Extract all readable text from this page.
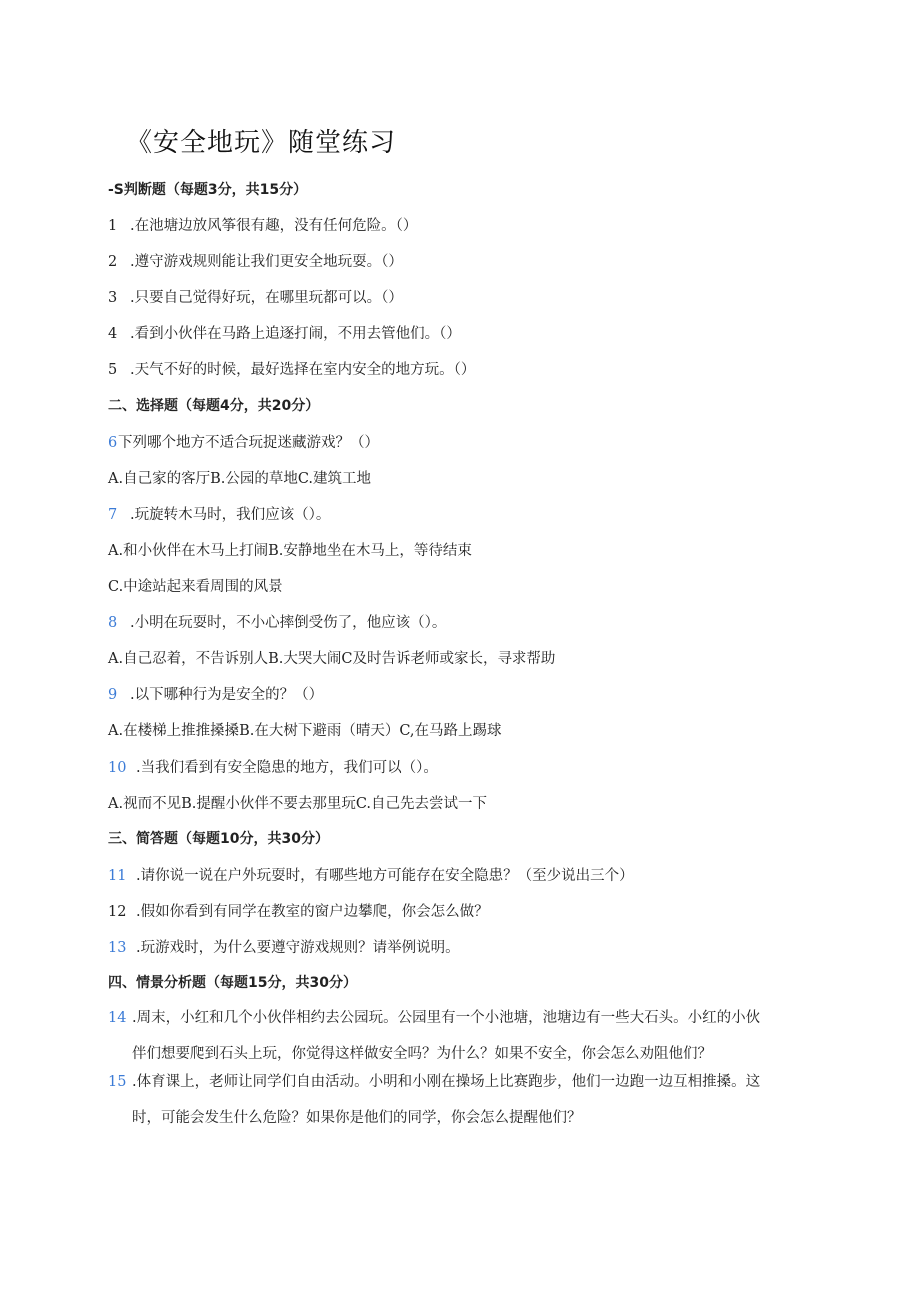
《安全地玩》随堂练习
-S判断题（每题3分，共15分）
1 .在池塘边放风筝很有趣，没有任何危险。（）
2 .遵守游戏规则能让我们更安全地玩耍。（）
3 .只要自己觉得好玩，在哪里玩都可以。（）
4 .看到小伙伴在马路上追逐打闹，不用去管他们。（）
5 .天气不好的时候，最好选择在室内安全的地方玩。（）
二、选择题（每题4分，共20分）
6下列哪个地方不适合玩捉迷藏游戏？（）
A.自己家的客厅B.公园的草地C.建筑工地
7 .玩旋转木马时，我们应该（）。
A.和小伙伴在木马上打闹B.安静地坐在木马上，等待结束
C.中途站起来看周围的风景
8 .小明在玩耍时，不小心摔倒受伤了，他应该（）。
A.自己忍着，不告诉别人B.大哭大闹C及时告诉老师或家长，寻求帮助
9 .以下哪种行为是安全的？（）
A.在楼梯上推推搡搡B.在大树下避雨（晴天）C,在马路上踢球
10 .当我们看到有安全隐患的地方，我们可以（）。
A.视而不见B.提醒小伙伴不要去那里玩C.自己先去尝试一下
三、简答题（每题10分，共30分）
11 .请你说一说在户外玩耍时，有哪些地方可能存在安全隐患？（至少说出三个）
12 .假如你看到有同学在教室的窗户边攀爬，你会怎么做？
13 .玩游戏时，为什么要遵守游戏规则？请举例说明。
四、情景分析题（每题15分，共30分）
14 .周末，小红和几个小伙伴相约去公园玩。公园里有一个小池塘，池塘边有一些大石头。小红的小伙
伴们想要爬到石头上玩，你觉得这样做安全吗？为什么？如果不安全，你会怎么劝阻他们？
15 .体育课上，老师让同学们自由活动。小明和小刚在操场上比赛跑步，他们一边跑一边互相推搡。这
时，可能会发生什么危险？如果你是他们的同学，你会怎么提醒他们？
